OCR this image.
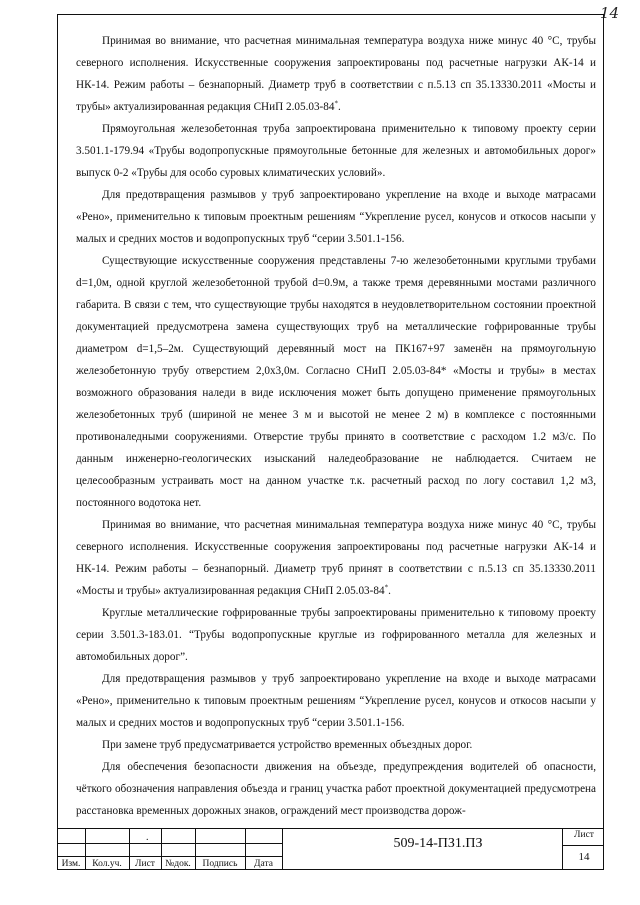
14

Принимая во внимание, что расчетная минимальная температура воздуха ниже минус 40 °С, трубы северного исполнения. Искусственные сооружения запроектированы под расчетные нагрузки АК-14 и НК-14. Режим работы – безнапорный. Диаметр труб в соответствии с п.5.13 сп 35.13330.2011 «Мосты и трубы» актуализированная редакция СНиП 2.05.03-84*.

Прямоугольная железобетонная труба запроектирована применительно к типовому проекту серии 3.501.1-179.94 «Трубы водопропускные прямоугольные бетонные для железных и автомобильных дорог» выпуск 0-2 «Трубы для особо суровых климатических условий».

Для предотвращения размывов у труб запроектировано укрепление на входе и выходе матрасами «Рено», применительно к типовым проектным решениям “Укрепление русел, конусов и откосов насыпи у малых и средних мостов и водопропускных труб “серии 3.501.1-156.

Существующие искусственные сооружения представлены 7-ю железобетонными круглыми трубами d=1,0м, одной круглой железобетонной трубой d=0.9м, а также тремя деревянными мостами различного габарита. В связи с тем, что существующие трубы находятся в неудовлетворительном состоянии проектной документацией предусмотрена замена существующих труб на металлические гофрированные трубы диаметром d=1,5–2м. Существующий деревянный мост на ПК167+97 заменён на прямоугольную железобетонную трубу отверстием 2,0х3,0м. Согласно СНиП 2.05.03-84* «Мосты и трубы» в местах возможного образования наледи в виде исключения может быть допущено применение прямоугольных железобетонных труб (шириной не менее 3 м и высотой не менее 2 м) в комплексе с постоянными противоналедными сооружениями. Отверстие трубы принято в соответствие с расходом 1.2 м3/с. По данным инженерно-геологических изысканий наледеобразование не наблюдается. Считаем не целесообразным устраивать мост на данном участке т.к. расчетный расход по логу составил 1,2 м3, постоянного водотока нет.

Принимая во внимание, что расчетная минимальная температура воздуха ниже минус 40 °С, трубы северного исполнения. Искусственные сооружения запроектированы под расчетные нагрузки АК-14 и НК-14. Режим работы – безнапорный. Диаметр труб принят в соответствии с п.5.13 сп 35.13330.2011 «Мосты и трубы» актуализированная редакция СНиП 2.05.03-84*.

Круглые металлические гофрированные трубы запроектированы применительно к типовому проекту серии 3.501.3-183.01. “Трубы водопропускные круглые из гофрированного металла для железных и автомобильных дорог”.

Для предотвращения размывов у труб запроектировано укрепление на входе и выходе матрасами «Рено», применительно к типовым проектным решениям “Укрепление русел, конусов и откосов насыпи у малых и средних мостов и водопропускных труб “серии 3.501.1-156.

При замене труб предусматривается устройство временных объездных дорог.

Для обеспечения безопасности движения на объезде, предупреждения водителей об опасности, чёткого обозначения направления объезда и границ участка работ проектной документацией предусмотрена расстановка временных дорожных знаков, ограждений мест производства дорож-

Изм.	Кол.уч.	Лист	№док.	Подпись	Дата
.	509-14-ПЗ1.ПЗ
Лист
14
